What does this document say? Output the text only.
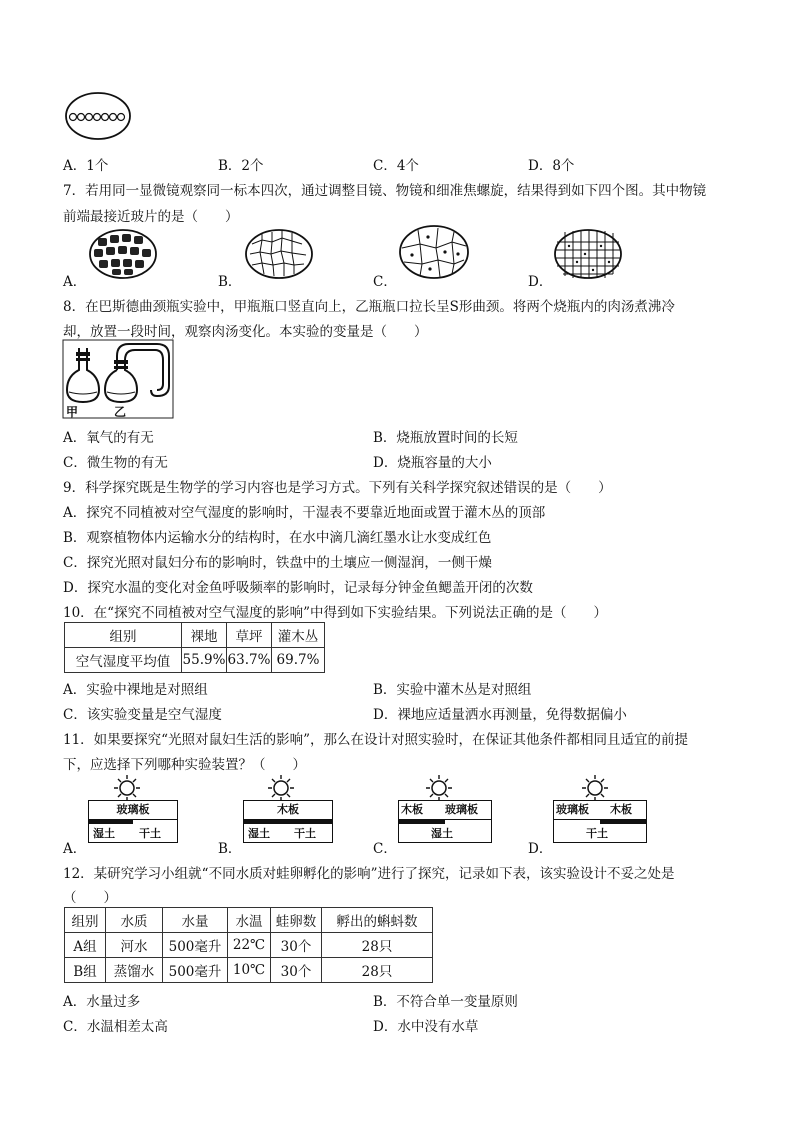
A．1个	B．2个	C．4个	D．8个
7．若用同一显微镜观察同一标本四次，通过调整目镜、物镜和细准焦螺旋，结果得到如下四个图。其中物镜
前端最接近玻片的是（　　）
A．	B．	C．	D．
8．在巴斯德曲颈瓶实验中，甲瓶瓶口竖直向上，乙瓶瓶口拉长呈S形曲颈。将两个烧瓶内的肉汤煮沸冷
却，放置一段时间，观察肉汤变化。本实验的变量是（　　）
甲	乙
A．氧气的有无	B．烧瓶放置时间的长短
C．微生物的有无	D．烧瓶容量的大小
9．科学探究既是生物学的学习内容也是学习方式。下列有关科学探究叙述错误的是（　　）
A．探究不同植被对空气湿度的影响时，干湿表不要靠近地面或置于灌木丛的顶部
B．观察植物体内运输水分的结构时，在水中滴几滴红墨水让水变成红色
C．探究光照对鼠妇分布的影响时，铁盘中的土壤应一侧湿润，一侧干燥
D．探究水温的变化对金鱼呼吸频率的影响时，记录每分钟金鱼鳃盖开闭的次数
10．在“探究不同植被对空气湿度的影响”中得到如下实验结果。下列说法正确的是（　　）
组别	裸地	草坪	灌木丛
空气湿度平均值	55.9%	63.7%	69.7%
A．实验中裸地是对照组	B．实验中灌木丛是对照组
C．该实验变量是空气湿度	D．裸地应适量洒水再测量，免得数据偏小
11．如果要探究“光照对鼠妇生活的影响”，那么在设计对照实验时，在保证其他条件都相同且适宜的前提
下，应选择下列哪种实验装置？（　　）
玻璃板
湿土 干土
A．
木板
湿土 干土
B．
木板 玻璃板
湿土
C．
玻璃板 木板
干土
D．
12．某研究学习小组就“不同水质对蛙卵孵化的影响”进行了探究，记录如下表，该实验设计不妥之处是
（　　）
组别	水质	水量	水温	蛙卵数	孵出的蝌蚪数
A组	河水	500毫升	22℃	30个	28只
B组	蒸馏水	500毫升	10℃	30个	28只
A．水量过多	B．不符合单一变量原则
C．水温相差太高	D．水中没有水草
